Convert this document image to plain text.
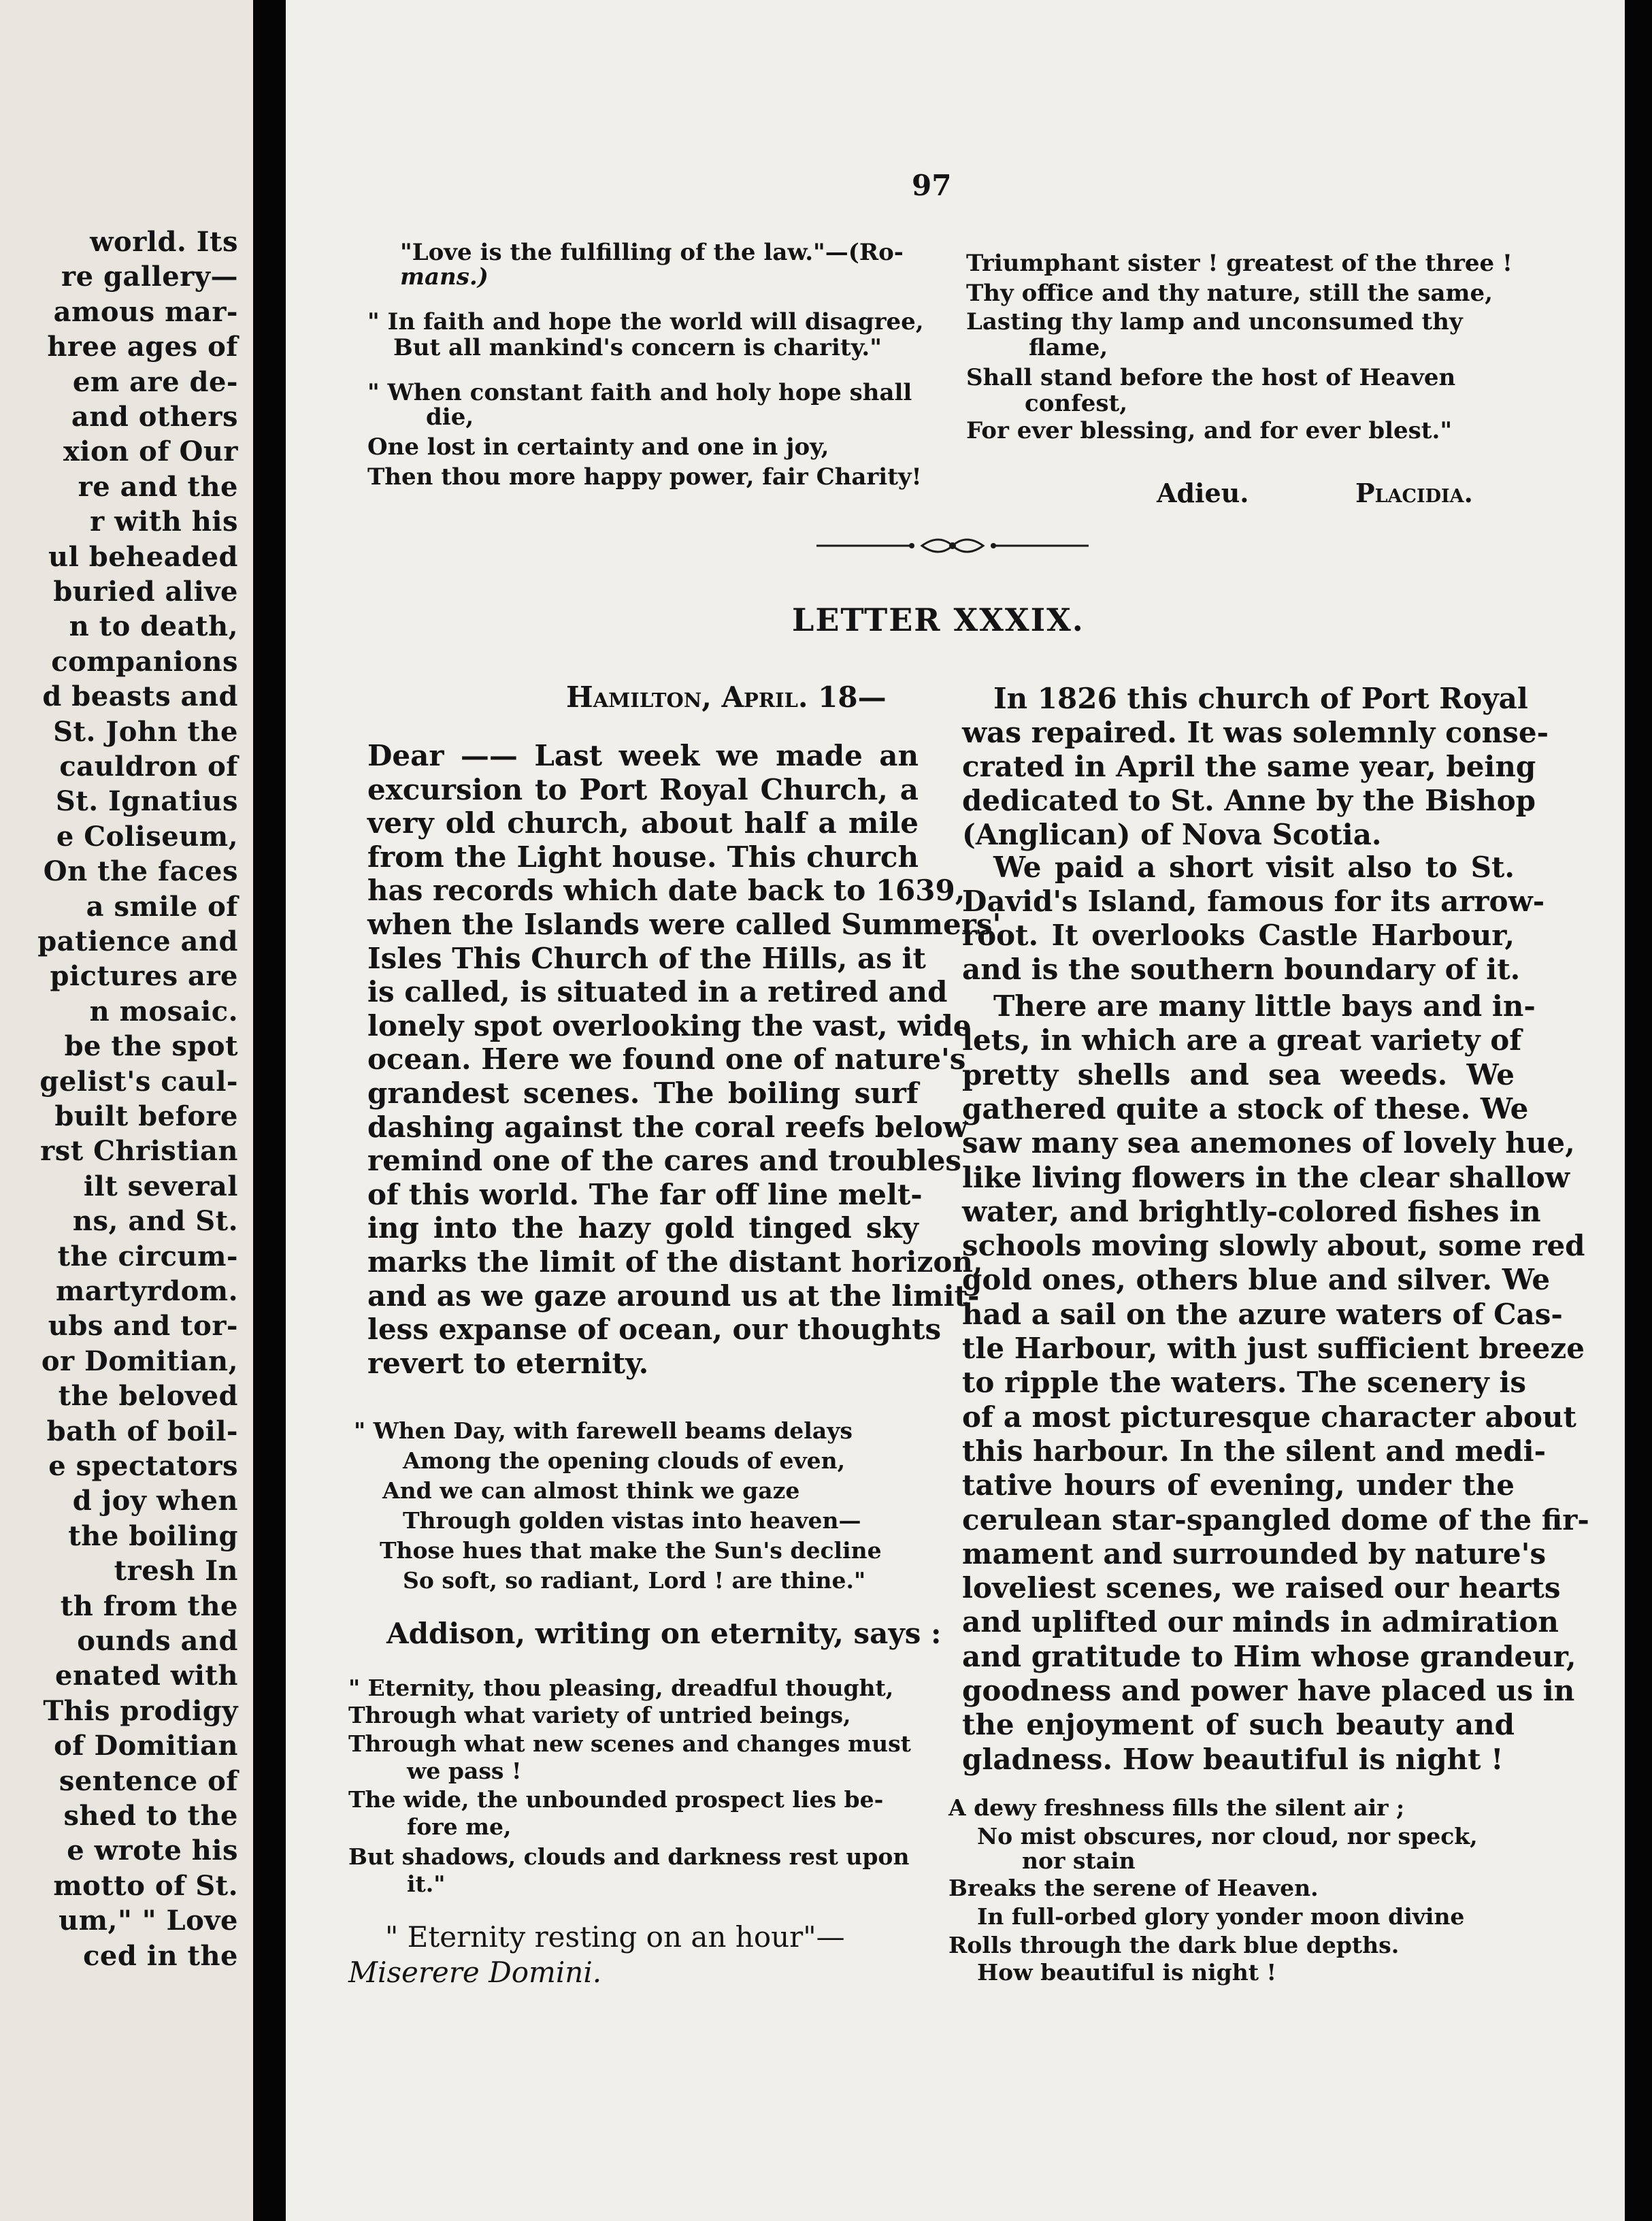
world. Its
re gallery—
amous mar-
hree ages of
em are de-
and others
xion of Our
re and the
r with his
ul beheaded
buried alive
n to death,
companions
d beasts and
St. John the
cauldron of
St. Ignatius
e Coliseum,
On the faces
a smile of
patience and
pictures are
n mosaic.
be the spot
gelist's caul-
built before
rst Christian
ilt several
ns, and St.
the circum-
martyrdom.
ubs and tor-
or Domitian,
the beloved
bath of boil-
e spectators
d joy when
the boiling
tresh In
th from the
ounds and
enated with
This prodigy
of Domitian
sentence of
shed to the
e wrote his
motto of St.
um," " Love
ced in the
97
"Love is the fulfilling of the law."—(Ro-
mans.)
" In faith and hope the world will disagree,
But all mankind's concern is charity."
" When constant faith and holy hope shall
die,
One lost in certainty and one in joy,
Then thou more happy power, fair Charity!
Triumphant sister ! greatest of the three !
Thy office and thy nature, still the same,
Lasting thy lamp and unconsumed thy
flame,
Shall stand before the host of Heaven
confest,
For ever blessing, and for ever blest."
Adieu.	Placidia.
LETTER XXXIX.
Hamilton, April. 18—
Dear —— Last week we made an
excursion to Port Royal Church, a
very old church, about half a mile
from the Light house. This church
has records which date back to 1639,
when the Islands were called Summers'
Isles This Church of the Hills, as it
is called, is situated in a retired and
lonely spot overlooking the vast, wide
ocean. Here we found one of nature's
grandest scenes. The boiling surf
dashing against the coral reefs below
remind one of the cares and troubles
of this world. The far off line melt-
ing into the hazy gold tinged sky
marks the limit of the distant horizon,
and as we gaze around us at the limit-
less expanse of ocean, our thoughts
revert to eternity.
" When Day, with farewell beams delays
Among the opening clouds of even,
And we can almost think we gaze
Through golden vistas into heaven—
Those hues that make the Sun's decline
So soft, so radiant, Lord ! are thine."
Addison, writing on eternity, says :
" Eternity, thou pleasing, dreadful thought,
Through what variety of untried beings,
Through what new scenes and changes must
we pass !
The wide, the unbounded prospect lies be-
fore me,
But shadows, clouds and darkness rest upon
it."
" Eternity resting on an hour"—
Miserere Domini.
In 1826 this church of Port Royal
was repaired. It was solemnly conse-
crated in April the same year, being
dedicated to St. Anne by the Bishop
(Anglican) of Nova Scotia.
We paid a short visit also to St.
David's Island, famous for its arrow-
root. It overlooks Castle Harbour,
and is the southern boundary of it.
There are many little bays and in-
lets, in which are a great variety of
pretty shells and sea weeds. We
gathered quite a stock of these. We
saw many sea anemones of lovely hue,
like living flowers in the clear shallow
water, and brightly-colored fishes in
schools moving slowly about, some red
gold ones, others blue and silver. We
had a sail on the azure waters of Cas-
tle Harbour, with just sufficient breeze
to ripple the waters. The scenery is
of a most picturesque character about
this harbour. In the silent and medi-
tative hours of evening, under the
cerulean star-spangled dome of the fir-
mament and surrounded by nature's
loveliest scenes, we raised our hearts
and uplifted our minds in admiration
and gratitude to Him whose grandeur,
goodness and power have placed us in
the enjoyment of such beauty and
gladness. How beautiful is night !
A dewy freshness fills the silent air ;
No mist obscures, nor cloud, nor speck,
nor stain
Breaks the serene of Heaven.
In full-orbed glory yonder moon divine
Rolls through the dark blue depths.
How beautiful is night !
